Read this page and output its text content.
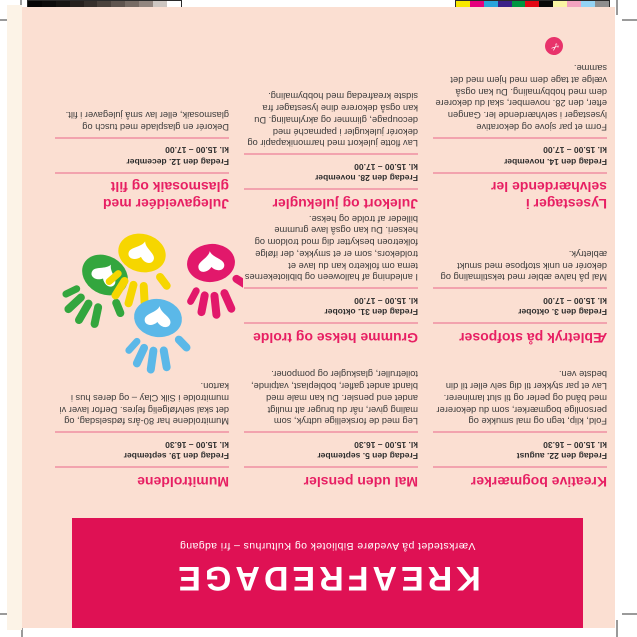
KREAFREDAGE
Værkstedet på Avedøre Bibliotek og Kulturhus – fri adgang
Kreative bogmærker
Fredag den 22. august
kl. 15.00 – 16.30
Fold, klip, tegn og mal smukke og personlige bogmærker, som du dekorerer med bånd og perler og til slut laminerer. Lav et par stykker til dig selv eller til din bedste ven.
Æbletryk på stofposer
Fredag den 3. oktober
kl. 15.00 – 17.00
Mal på halve æbler med tekstilmaling og dekorér en unik stofpose med smukt æbletryk.
Lysestager i selvhærdende ler
Fredag den 14. november
kl. 15.00 – 17.00
Form et par sjove og dekorative lysestager i selvhærdende ler. Gangen efter, den 28. november, skal du dekorere dem med hobbymaling. Du kan også vælge at tage dem med hjem med det samme.
Mal uden pensler
Fredag den 5. september
kl. 15.00 – 16.30
Leg med de forskellige udtryk, som maling giver, når du bruger alt muligt andet end pensler. Du kan male med blandt andet gafler, bobleplast, vatpinde, toiletruller, glaskugler og pomponer.
Grumme hekse og trolde
Fredag den 31. oktober
kl. 15.00 – 17.00
I anledning af halloween og bibliotekernes tema om folketro kan du lave et troldekors, som er et smykke, der ifølge folketroen beskytter dig mod troldom og hekseri. Du kan også lave grumme billeder af trolde og hekse.
Julekort og julekugler
Fredag den 28. november
kl. 15.00 – 17.00
Lav flotte julekort med harmonikapapir og dekorér julekugler i papmaché med decoupage, glimmer og akrylmaling. Du kan også dekorere dine lysestager fra sidste kreafredag med hobbymaling.
Mumitroldene
Fredag den 19. september
kl. 15.00 – 16.30
Mumitroldene har 80-års fødselsdag, og det skal selvfølgelig fejres. Derfor laver vi mumitrolde i Silk Clay – og deres hus i karton.
Julegaveidéer med glasmosaik og filt
Fredag den 12. december
kl. 15.00 – 17.00
Dekorér en glasplade med tusch og glasmosaik, eller lav små julegaver i filt.
✂
